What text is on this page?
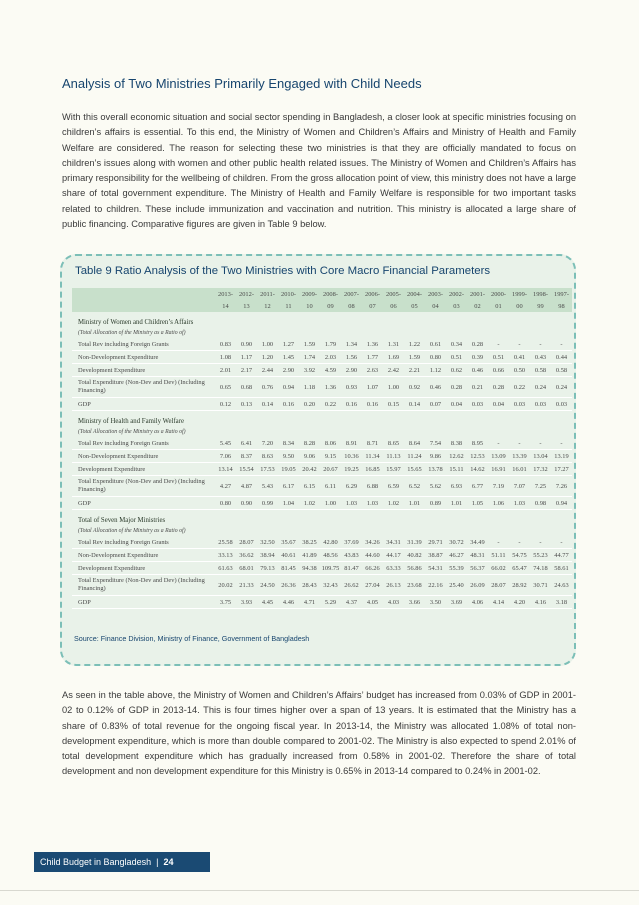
Analysis of Two Ministries Primarily Engaged with Child Needs

With this overall economic situation and social sector spending in Bangladesh, a closer look at specific ministries focusing on children’s affairs is essential. To this end, the Ministry of Women and Children’s Affairs and Ministry of Health and Family Welfare are considered. The reason for selecting these two ministries is that they are officially mandated to focus on children’s issues along with women and other public health related issues. The Ministry of Women and Children’s Affairs has primary responsibility for the wellbeing of children. From the gross allocation point of view, this ministry does not have a large share of total government expenditure. The Ministry of Health and Family Welfare is responsible for two important tasks related to children. These include immunization and vaccination and nutrition. This ministry is allocated a large share of public financing. Comparative figures are given in Table 9 below.

Table 9 Ratio Analysis of the Two Ministries with Core Macro Financial Parameters
	2013-	2012-	2011-	2010-	2009-	2008-	2007-	2006-	2005-	2004-	2003-	2002-	2001-	2000-	1999-	1998-	1997-
	14	13	12	11	10	09	08	07	06	05	04	03	02	01	00	99	98
Ministry of Women and Children’s Affairs																	
(Total Allocation of the Ministry as a Ratio of)																	
Total Rev including Foreign Grants	0.83	0.90	1.00	1.27	1.59	1.79	1.34	1.36	1.31	1.22	0.61	0.34	0.28	-	-	-	-
Non-Development Expenditure	1.08	1.17	1.20	1.45	1.74	2.03	1.56	1.77	1.69	1.59	0.80	0.51	0.39	0.51	0.41	0.43	0.44
Development Expenditure	2.01	2.17	2.44	2.90	3.92	4.59	2.90	2.63	2.42	2.21	1.12	0.62	0.46	0.66	0.50	0.58	0.58
Total Expenditure (Non-Dev and Dev) (Including Financing)	0.65	0.68	0.76	0.94	1.18	1.36	0.93	1.07	1.00	0.92	0.46	0.28	0.21	0.28	0.22	0.24	0.24
GDP	0.12	0.13	0.14	0.16	0.20	0.22	0.16	0.16	0.15	0.14	0.07	0.04	0.03	0.04	0.03	0.03	0.03
Ministry of Health and Family Welfare																	
(Total Allocation of the Ministry as a Ratio of)																	
Total Rev including Foreign Grants	5.45	6.41	7.20	8.34	8.28	8.06	8.91	8.71	8.65	8.64	7.54	8.38	8.95	-	-	-	-
Non-Development Expenditure	7.06	8.37	8.63	9.50	9.06	9.15	10.36	11.34	11.13	11.24	9.86	12.62	12.53	13.09	13.39	13.04	13.19
Development Expenditure	13.14	15.54	17.53	19.05	20.42	20.67	19.25	16.85	15.97	15.65	13.78	15.11	14.62	16.91	16.01	17.32	17.27
Total Expenditure (Non-Dev and Dev) (Including Financing)	4.27	4.87	5.43	6.17	6.15	6.11	6.29	6.88	6.59	6.52	5.62	6.93	6.77	7.19	7.07	7.25	7.26
GDP	0.80	0.90	0.99	1.04	1.02	1.00	1.03	1.03	1.02	1.01	0.89	1.01	1.05	1.06	1.03	0.98	0.94
Total of Seven Major Ministries																	
(Total Allocation of the Ministry as a Ratio of)																	
Total Rev including Foreign Grants	25.58	28.07	32.50	35.67	38.25	42.80	37.69	34.26	34.31	31.39	29.71	30.72	34.49	-	-	-	-
Non-Development Expenditure	33.13	36.62	38.94	40.61	41.89	48.56	43.83	44.60	44.17	40.82	38.87	46.27	48.31	51.11	54.75	55.23	44.77
Development Expenditure	61.63	68.01	79.13	81.45	94.38	109.75	81.47	66.26	63.33	56.86	54.31	55.39	56.37	66.02	65.47	74.18	58.61
Total Expenditure (Non-Dev and Dev) (Including Financing)	20.02	21.33	24.50	26.36	28.43	32.43	26.62	27.04	26.13	23.68	22.16	25.40	26.09	28.07	28.92	30.71	24.63
GDP	3.75	3.93	4.45	4.46	4.71	5.29	4.37	4.05	4.03	3.66	3.50	3.69	4.06	4.14	4.20	4.16	3.18

Source: Finance Division, Ministry of Finance, Government of Bangladesh

As seen in the table above, the Ministry of Women and Children’s Affairs’ budget has increased from 0.03% of GDP in 2001-02 to 0.12% of GDP in 2013-14. This is four times higher over a span of 13 years. It is estimated that the Ministry has a share of 0.83% of total revenue for the ongoing fiscal year. In 2013-14, the Ministry was allocated 1.08% of total non-development expenditure, which is more than double compared to 2001-02. The Ministry is also expected to spend 2.01% of total development expenditure which has gradually increased from 0.58% in 2001-02. Therefore the share of total development and non development expenditure for this Ministry is 0.65% in 2013-14 compared to 0.24% in 2001-02.

Child Budget in Bangladesh | 24
